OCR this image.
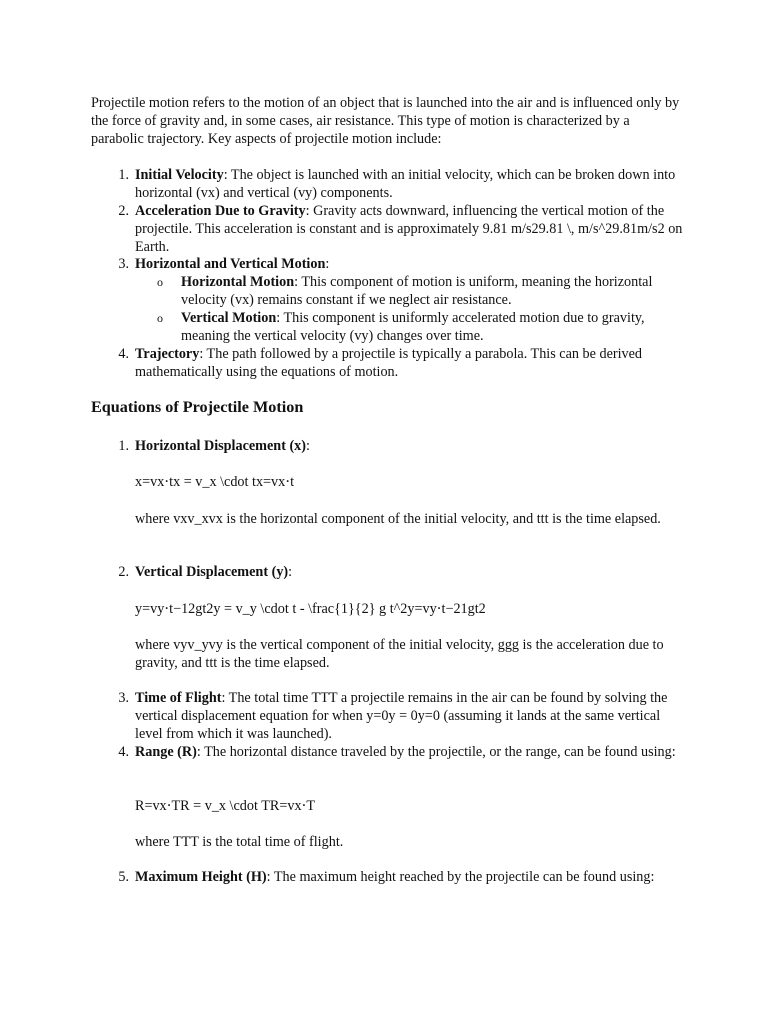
Projectile motion refers to the motion of an object that is launched into the air and is influenced only by the force of gravity and, in some cases, air resistance. This type of motion is characterized by a parabolic trajectory. Key aspects of projectile motion include:

1. Initial Velocity: The object is launched with an initial velocity, which can be broken down into horizontal (vx) and vertical (vy) components.
2. Acceleration Due to Gravity: Gravity acts downward, influencing the vertical motion of the projectile. This acceleration is constant and is approximately 9.81 m/s29.81 \, m/s^29.81m/s2 on Earth.
3. Horizontal and Vertical Motion:
o Horizontal Motion: This component of motion is uniform, meaning the horizontal velocity (vx) remains constant if we neglect air resistance.
o Vertical Motion: This component is uniformly accelerated motion due to gravity, meaning the vertical velocity (vy) changes over time.
4. Trajectory: The path followed by a projectile is typically a parabola. This can be derived mathematically using the equations of motion.
Equations of Projectile Motion
1. Horizontal Displacement (x):
x=vx⋅tx = v_x \cdot tx=vx⋅t
where vxv_xvx is the horizontal component of the initial velocity, and ttt is the time elapsed.
2. Vertical Displacement (y):
y=vy⋅t−12gt2y = v_y \cdot t - \frac{1}{2} g t^2y=vy⋅t−21gt2
where vyv_yvy is the vertical component of the initial velocity, ggg is the acceleration due to gravity, and ttt is the time elapsed.
3. Time of Flight: The total time TTT a projectile remains in the air can be found by solving the vertical displacement equation for when y=0y = 0y=0 (assuming it lands at the same vertical level from which it was launched).
4. Range (R): The horizontal distance traveled by the projectile, or the range, can be found using:
R=vx⋅TR = v_x \cdot TR=vx⋅T
where TTT is the total time of flight.
5. Maximum Height (H): The maximum height reached by the projectile can be found using:
